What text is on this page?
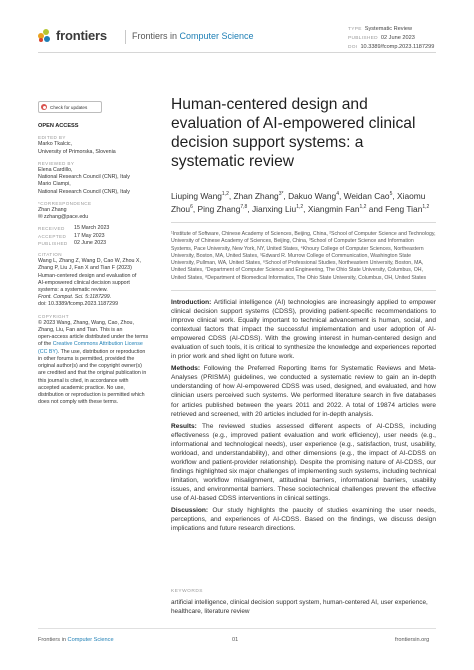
frontiers	Frontiers in Computer Science
TYPE Systematic Review
PUBLISHED 02 June 2023
DOI 10.3389/fcomp.2023.1187299
Check for updates
OPEN ACCESS
EDITED BY
Marko Tkalcic,
University of Primorska, Slovenia
REVIEWED BY
Elena Cardillo,
National Research Council (CNR), Italy
Mario Ciampi,
National Research Council (CNR), Italy
*CORRESPONDENCE
Zhan Zhang
✉ zzhang@pace.edu
RECEIVED	15 March 2023
ACCEPTED	17 May 2023
PUBLISHED	02 June 2023
CITATION
Wang L, Zhang Z, Wang D, Cao W, Zhou X,
Zhang P, Liu J, Fan X and Tian F (2023)
Human-centered design and evaluation of
AI-empowered clinical decision support
systems: a systematic review.
Front. Comput. Sci. 5:1187299.
doi: 10.3389/fcomp.2023.1187299
COPYRIGHT
© 2023 Wang, Zhang, Wang, Cao, Zhou,
Zhang, Liu, Fan and Tian. This is an
open-access article distributed under the terms
of the Creative Commons Attribution License
(CC BY). The use, distribution or reproduction
in other forums is permitted, provided the
original author(s) and the copyright owner(s)
are credited and that the original publication in
this journal is cited, in accordance with
accepted academic practice. No use,
distribution or reproduction is permitted which
does not comply with these terms.
Human-centered design and evaluation of AI-empowered clinical decision support systems: a systematic review
Liuping Wang$^{1,2}$, Zhan Zhang$^{3*}$, Dakuo Wang$^4$, Weidan Cao$^5$, Xiaomu Zhou$^6$, Ping Zhang$^{7,8}$, Jianxing Liu$^{1,2}$, Xiangmin Fan$^{1,2}$ and Feng Tian$^{1,2}$
¹Institute of Software, Chinese Academy of Sciences, Beijing, China, ²School of Computer Science and Technology, University of Chinese Academy of Sciences, Beijing, China, ³School of Computer Science and Information Systems, Pace University, New York, NY, United States, ⁴Khoury College of Computer Sciences, Northeastern University, Boston, MA, United States, ⁵Edward R. Murrow College of Communication, Washington State University, Pullman, WA, United States, ⁶School of Professional Studies, Northeastern University, Boston, MA, United States, ⁷Department of Computer Science and Engineering, The Ohio State University, Columbus, OH, United States, ⁸Department of Biomedical Informatics, The Ohio State University, Columbus, OH, United States

Introduction: Artificial intelligence (AI) technologies are increasingly applied to empower clinical decision support systems (CDSS), providing patient-specific recommendations to improve clinical work. Equally important to technical advancement is human, social, and contextual factors that impact the successful implementation and user adoption of AI-empowered CDSS (AI-CDSS). With the growing interest in human-centered design and evaluation of such tools, it is critical to synthesize the knowledge and experiences reported in prior work and shed light on future work.

Methods: Following the Preferred Reporting Items for Systematic Reviews and Meta-Analyses (PRISMA) guidelines, we conducted a systematic review to gain an in-depth understanding of how AI-empowered CDSS was used, designed, and evaluated, and how clinician users perceived such systems. We performed literature search in five databases for articles published between the years 2011 and 2022. A total of 19874 articles were retrieved and screened, with 20 articles included for in-depth analysis.

Results: The reviewed studies assessed different aspects of AI-CDSS, including effectiveness (e.g., improved patient evaluation and work efficiency), user needs (e.g., informational and technological needs), user experience (e.g., satisfaction, trust, usability, workload, and understandability), and other dimensions (e.g., the impact of AI-CDSS on workflow and patient-provider relationship). Despite the promising nature of AI-CDSS, our findings highlighted six major challenges of implementing such systems, including technical limitation, workflow misalignment, attitudinal barriers, informational barriers, usability issues, and environmental barriers. These sociotechnical challenges prevent the effective use of AI-based CDSS interventions in clinical settings.

Discussion: Our study highlights the paucity of studies examining the user needs, perceptions, and experiences of AI-CDSS. Based on the findings, we discuss design implications and future research directions.

KEYWORDS
artificial intelligence, clinical decision support system, human-centered AI, user experience, healthcare, literature review
Frontiers in Computer Science	01	frontiersin.org
